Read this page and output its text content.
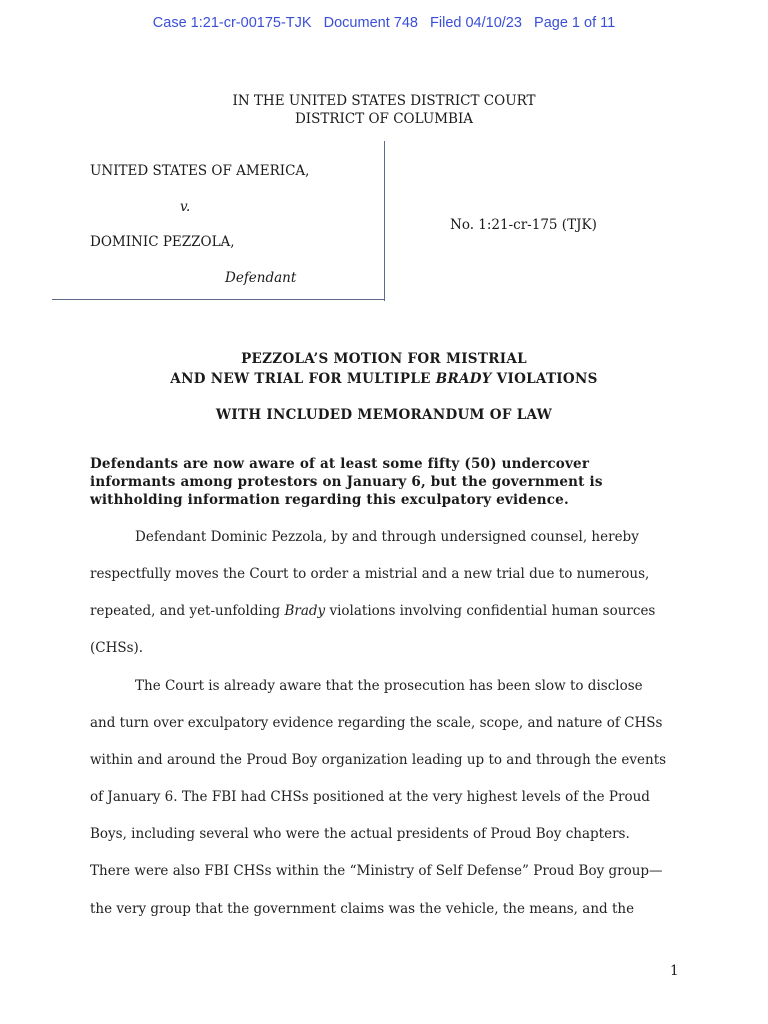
Case 1:21-cr-00175-TJK   Document 748   Filed 04/10/23   Page 1 of 11
IN THE UNITED STATES DISTRICT COURT
DISTRICT OF COLUMBIA
UNITED STATES OF AMERICA,
v.
DOMINIC PEZZOLA,
Defendant
No. 1:21-cr-175 (TJK)
PEZZOLA’S MOTION FOR MISTRIAL
AND NEW TRIAL FOR MULTIPLE BRADY VIOLATIONS
WITH INCLUDED MEMORANDUM OF LAW
Defendants are now aware of at least some fifty (50) undercover
informants among protestors on January 6, but the government is
withholding information regarding this exculpatory evidence.
Defendant Dominic Pezzola, by and through undersigned counsel, hereby
respectfully moves the Court to order a mistrial and a new trial due to numerous,
repeated, and yet-unfolding Brady violations involving confidential human sources
(CHSs).
The Court is already aware that the prosecution has been slow to disclose
and turn over exculpatory evidence regarding the scale, scope, and nature of CHSs
within and around the Proud Boy organization leading up to and through the events
of January 6. The FBI had CHSs positioned at the very highest levels of the Proud
Boys, including several who were the actual presidents of Proud Boy chapters.
There were also FBI CHSs within the “Ministry of Self Defense” Proud Boy group—
the very group that the government claims was the vehicle, the means, and the
1
